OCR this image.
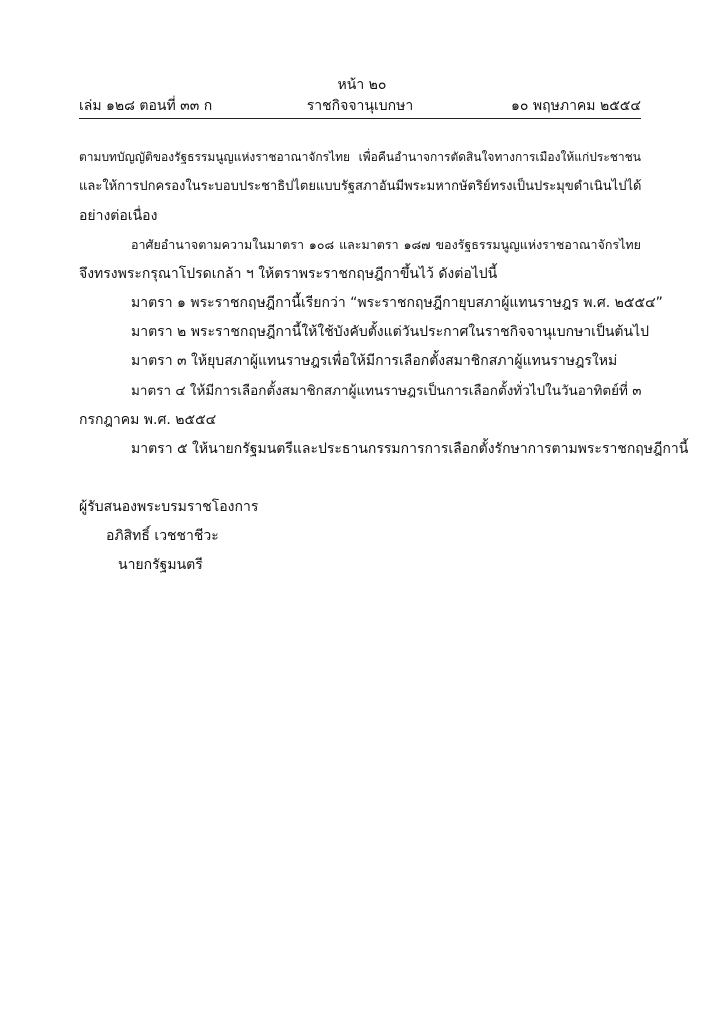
หน้า ๒๐
เล่ม ๑๒๘ ตอนที่ ๓๓ ก	ราชกิจจานุเบกษา	๑๐ พฤษภาคม ๒๕๕๔
ตามบทบัญญัติของรัฐธรรมนูญแห่งราชอาณาจักรไทย เพื่อคืนอำนาจการตัดสินใจทางการเมืองให้แก่ประชาชน
และให้การปกครองในระบอบประชาธิปไตยแบบรัฐสภาอันมีพระมหากษัตริย์ทรงเป็นประมุขดำเนินไปได้
อย่างต่อเนื่อง
อาศัยอำนาจตามความในมาตรา ๑๐๘ และมาตรา ๑๘๗ ของรัฐธรรมนูญแห่งราชอาณาจักรไทย
จึงทรงพระกรุณาโปรดเกล้า ฯ ให้ตราพระราชกฤษฎีกาขึ้นไว้ ดังต่อไปนี้
มาตรา ๑ พระราชกฤษฎีกานี้เรียกว่า “พระราชกฤษฎีกายุบสภาผู้แทนราษฎร พ.ศ. ๒๕๕๔”
มาตรา ๒ พระราชกฤษฎีกานี้ให้ใช้บังคับตั้งแต่วันประกาศในราชกิจจานุเบกษาเป็นต้นไป
มาตรา ๓ ให้ยุบสภาผู้แทนราษฎรเพื่อให้มีการเลือกตั้งสมาชิกสภาผู้แทนราษฎรใหม่
มาตรา ๔ ให้มีการเลือกตั้งสมาชิกสภาผู้แทนราษฎรเป็นการเลือกตั้งทั่วไปในวันอาทิตย์ที่ ๓
กรกฎาคม พ.ศ. ๒๕๕๔
มาตรา ๕ ให้นายกรัฐมนตรีและประธานกรรมการการเลือกตั้งรักษาการตามพระราชกฤษฎีกานี้
ผู้รับสนองพระบรมราชโองการ
อภิสิทธิ์ เวชชาชีวะ
นายกรัฐมนตรี
